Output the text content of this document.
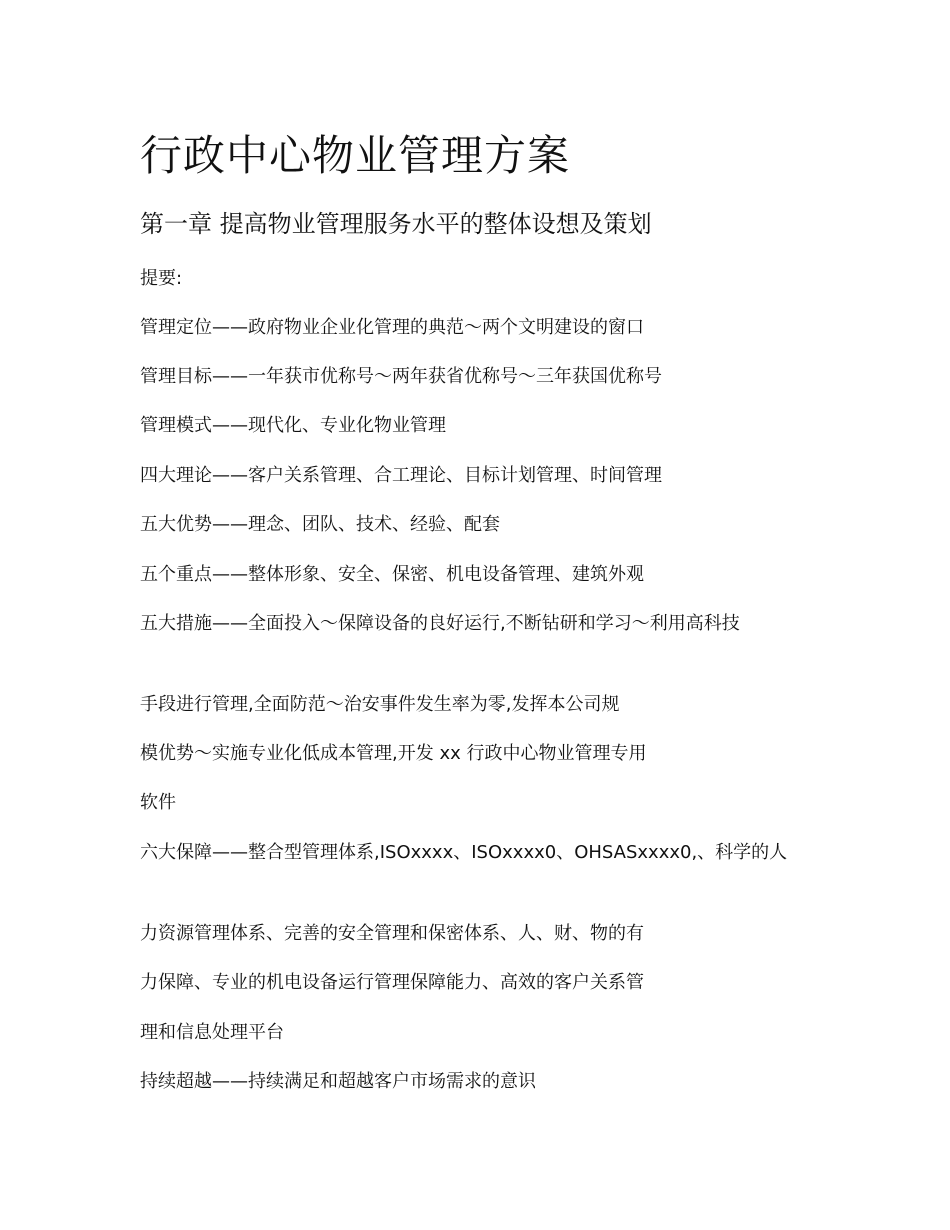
行政中心物业管理方案
第一章 提高物业管理服务水平的整体设想及策划

提要:

管理定位——政府物业企业化管理的典范～两个文明建设的窗口

管理目标——一年获市优称号～两年获省优称号～三年获国优称号

管理模式——现代化、专业化物业管理

四大理论——客户关系管理、合工理论、目标计划管理、时间管理

五大优势——理念、团队、技术、经验、配套

五个重点——整体形象、安全、保密、机电设备管理、建筑外观

五大措施——全面投入～保障设备的良好运行,不断钻研和学习～利用高科技

手段进行管理,全面防范～治安事件发生率为零,发挥本公司规

模优势～实施专业化低成本管理,开发 xx 行政中心物业管理专用

软件

六大保障——整合型管理体系,ISOxxxx、ISOxxxx0、OHSASxxxx0,、科学的人

力资源管理体系、完善的安全管理和保密体系、人、财、物的有

力保障、专业的机电设备运行管理保障能力、高效的客户关系管

理和信息处理平台

持续超越——持续满足和超越客户市场需求的意识
